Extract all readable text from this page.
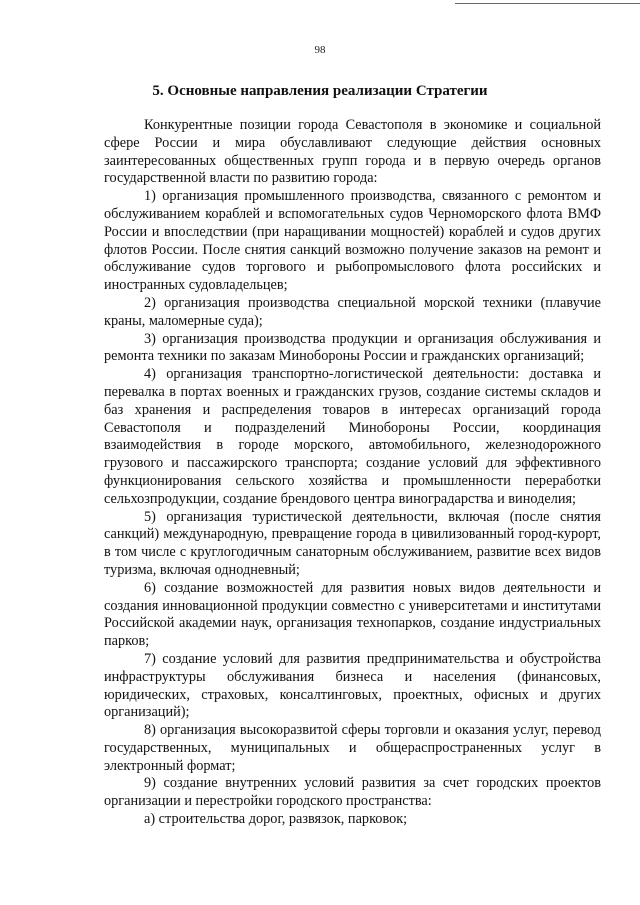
98
5. Основные направления реализации Стратегии

Конкурентные позиции города Севастополя в экономике и социальной сфере России и мира обуславливают следующие действия основных заинтересованных общественных групп города и в первую очередь органов государственной власти по развитию города:

1) организация промышленного производства, связанного с ремонтом и обслуживанием кораблей и вспомогательных судов Черноморского флота ВМФ России и впоследствии (при наращивании мощностей) кораблей и судов других флотов России. После снятия санкций возможно получение заказов на ремонт и обслуживание судов торгового и рыбопромыслового флота российских и иностранных судовладельцев;

2) организация производства специальной морской техники (плавучие краны, маломерные суда);

3) организация производства продукции и организация обслуживания и ремонта техники по заказам Минобороны России и гражданских организаций;

4) организация транспортно-логистической деятельности: доставка и перевалка в портах военных и гражданских грузов, создание системы складов и баз хранения и распределения товаров в интересах организаций города Севастополя и подразделений Минобороны России, координация взаимодействия в городе морского, автомобильного, железнодорожного грузового и пассажирского транспорта; создание условий для эффективного функционирования сельского хозяйства и промышленности переработки сельхозпродукции, создание брендового центра виноградарства и виноделия;

5) организация туристической деятельности, включая (после снятия санкций) международную, превращение города в цивилизованный город-курорт, в том числе с круглогодичным санаторным обслуживанием, развитие всех видов туризма, включая однодневный;

6) создание возможностей для развития новых видов деятельности и создания инновационной продукции совместно с университетами и институтами Российской академии наук, организация технопарков, создание индустриальных парков;

7) создание условий для развития предпринимательства и обустройства инфраструктуры обслуживания бизнеса и населения (финансовых, юридических, страховых, консалтинговых, проектных, офисных и других организаций);

8) организация высокоразвитой сферы торговли и оказания услуг, перевод государственных, муниципальных и общераспространенных услуг в электронный формат;

9) создание внутренних условий развития за счет городских проектов организации и перестройки городского пространства:

а) строительства дорог, развязок, парковок;
